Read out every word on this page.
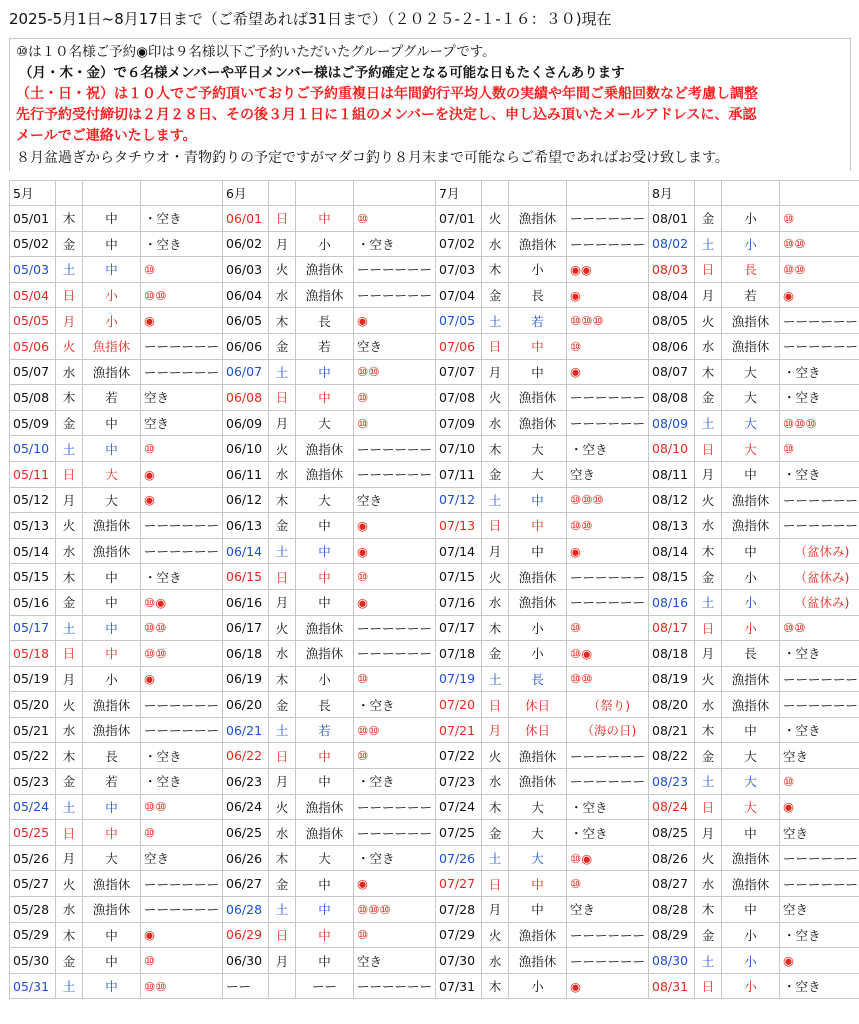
2025-5月1日~8月17日まで（ご希望あれば31日まで）（２０２５-２-１-１６：３０)現在
⑩は１０名様ご予約◉印は９名様以下ご予約いただいたグループグループです。
（月・木・金）で６名様メンバーや平日メンバー様はご予約確定となる可能な日もたくさんあります
（土・日・祝）は１０人でご予約頂いておりご予約重複日は年間釣行平均人数の実績や年間ご乗船回数など考慮し調整
先行予約受付締切は２月２８日、その後３月１日に１組のメンバーを決定し、申し込み頂いたメールアドレスに、承認
メールでご連絡いたします。
８月盆過ぎからタチウオ・青物釣りの予定ですがマダコ釣り８月末まで可能ならご希望であればお受け致します。
5月				6月				7月				8月			
05/01	木	中	・空き	06/01	日	中	⑩	07/01	火	漁指休	ーーーーーー	08/01	金	小	⑩
05/02	金	中	・空き	06/02	月	小	・空き	07/02	水	漁指休	ーーーーーー	08/02	土	小	⑩⑩
05/03	土	中	⑩	06/03	火	漁指休	ーーーーーー	07/03	木	小	◉◉	08/03	日	長	⑩⑩
05/04	日	小	⑩⑩	06/04	水	漁指休	ーーーーーー	07/04	金	長	◉	08/04	月	若	◉
05/05	月	小	◉	06/05	木	長	◉	07/05	土	若	⑩⑩⑩	08/05	火	漁指休	ーーーーーー
05/06	火	魚指休	ーーーーーー	06/06	金	若	空き	07/06	日	中	⑩	08/06	水	漁指休	ーーーーーー
05/07	水	漁指休	ーーーーーー	06/07	土	中	⑩⑩	07/07	月	中	◉	08/07	木	大	・空き
05/08	木	若	空き	06/08	日	中	⑩	07/08	火	漁指休	ーーーーーー	08/08	金	大	・空き
05/09	金	中	空き	06/09	月	大	⑩	07/09	水	漁指休	ーーーーーー	08/09	土	大	⑩⑩⑩
05/10	土	中	⑩	06/10	火	漁指休	ーーーーーー	07/10	木	大	・空き	08/10	日	大	⑩
05/11	日	大	◉	06/11	水	漁指休	ーーーーーー	07/11	金	大	空き	08/11	月	中	・空き
05/12	月	大	◉	06/12	木	大	空き	07/12	土	中	⑩⑩⑩	08/12	火	漁指休	ーーーーーー
05/13	火	漁指休	ーーーーーー	06/13	金	中	◉	07/13	日	中	⑩⑩	08/13	水	漁指休	ーーーーーー
05/14	水	漁指休	ーーーーーー	06/14	土	中	◉	07/14	月	中	◉	08/14	木	中	（盆休み)
05/15	木	中	・空き	06/15	日	中	⑩	07/15	火	漁指休	ーーーーーー	08/15	金	小	（盆休み)
05/16	金	中	⑩◉	06/16	月	中	◉	07/16	水	漁指休	ーーーーーー	08/16	土	小	（盆休み)
05/17	土	中	⑩⑩	06/17	火	漁指休	ーーーーーー	07/17	木	小	⑩	08/17	日	小	⑩⑩
05/18	日	中	⑩⑩	06/18	水	漁指休	ーーーーーー	07/18	金	小	⑩◉	08/18	月	長	・空き
05/19	月	小	◉	06/19	木	小	⑩	07/19	土	長	⑩⑩	08/19	火	漁指休	ーーーーーー
05/20	火	漁指休	ーーーーーー	06/20	金	長	・空き	07/20	日	休日	（祭り)	08/20	水	漁指休	ーーーーーー
05/21	水	漁指休	ーーーーーー	06/21	土	若	⑩⑩	07/21	月	休日	（海の日)	08/21	木	中	・空き
05/22	木	長	・空き	06/22	日	中	⑩	07/22	火	漁指休	ーーーーーー	08/22	金	大	空き
05/23	金	若	・空き	06/23	月	中	・空き	07/23	水	漁指休	ーーーーーー	08/23	土	大	⑩
05/24	土	中	⑩⑩	06/24	火	漁指休	ーーーーーー	07/24	木	大	・空き	08/24	日	大	◉
05/25	日	中	⑩	06/25	水	漁指休	ーーーーーー	07/25	金	大	・空き	08/25	月	中	空き
05/26	月	大	空き	06/26	木	大	・空き	07/26	土	大	⑩◉	08/26	火	漁指休	ーーーーーー
05/27	火	漁指休	ーーーーーー	06/27	金	中	◉	07/27	日	中	⑩	08/27	水	漁指休	ーーーーーー
05/28	水	漁指休	ーーーーーー	06/28	土	中	⑩⑩⑩	07/28	月	中	空き	08/28	木	中	空き
05/29	木	中	◉	06/29	日	中	⑩	07/29	火	漁指休	ーーーーーー	08/29	金	小	・空き
05/30	金	中	⑩	06/30	月	中	空き	07/30	水	漁指休	ーーーーーー	08/30	土	小	◉
05/31	土	中	⑩⑩	ーー		ーー	ーーーーーー	07/31	木	小	◉	08/31	日	小	・空き
